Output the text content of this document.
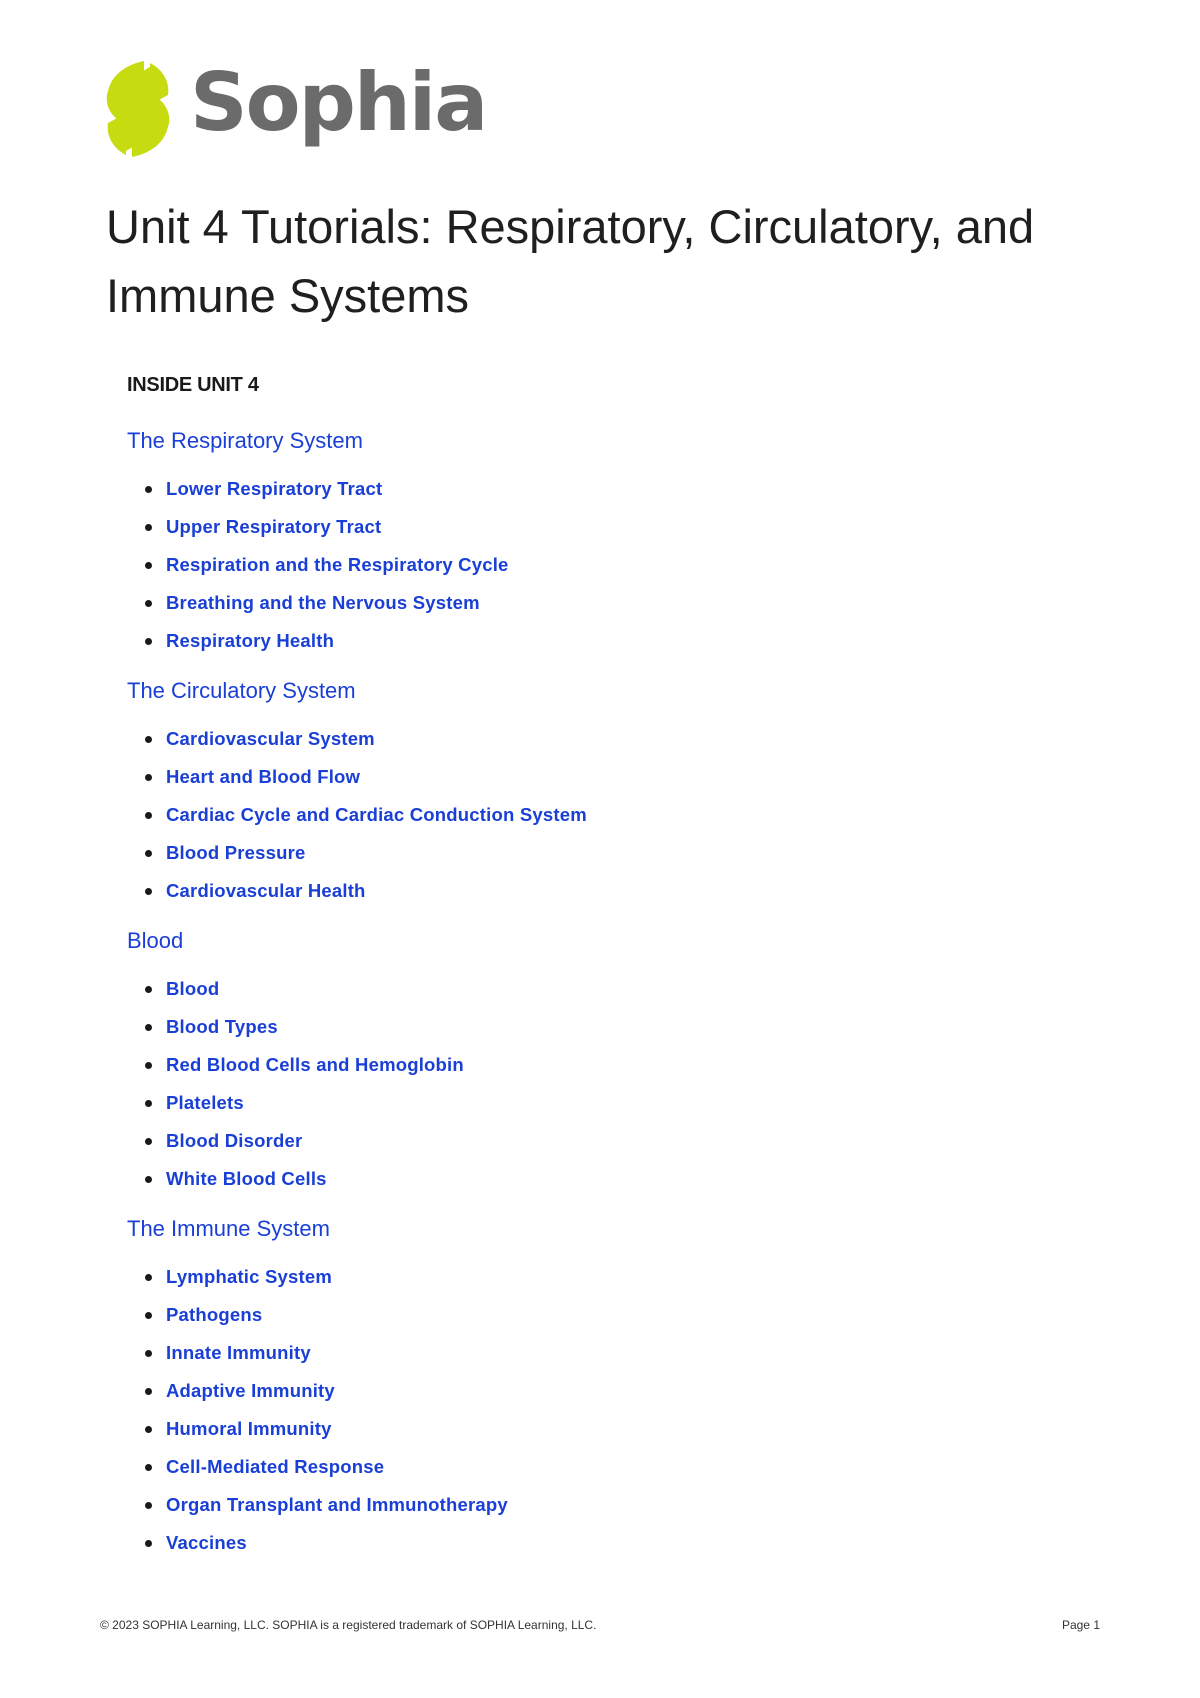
Sophia
Unit 4 Tutorials: Respiratory, Circulatory, and Immune Systems
INSIDE UNIT 4
The Respiratory System
Lower Respiratory Tract
Upper Respiratory Tract
Respiration and the Respiratory Cycle
Breathing and the Nervous System
Respiratory Health
The Circulatory System
Cardiovascular System
Heart and Blood Flow
Cardiac Cycle and Cardiac Conduction System
Blood Pressure
Cardiovascular Health
Blood
Blood
Blood Types
Red Blood Cells and Hemoglobin
Platelets
Blood Disorder
White Blood Cells
The Immune System
Lymphatic System
Pathogens
Innate Immunity
Adaptive Immunity
Humoral Immunity
Cell-Mediated Response
Organ Transplant and Immunotherapy
Vaccines
© 2023 SOPHIA Learning, LLC. SOPHIA is a registered trademark of SOPHIA Learning, LLC.	Page 1
